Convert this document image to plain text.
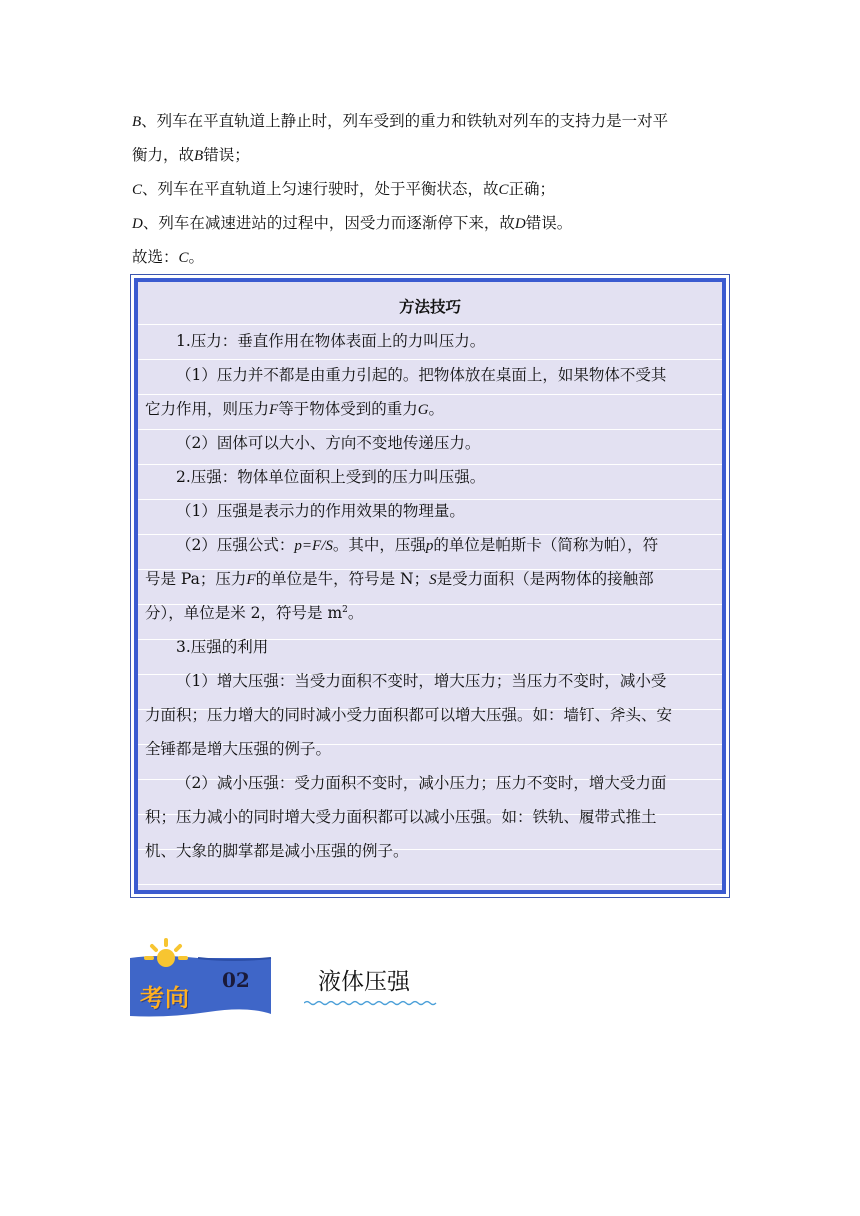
B、列车在平直轨道上静止时，列车受到的重力和铁轨对列车的支持力是一对平
衡力，故B错误；
C、列车在平直轨道上匀速行驶时，处于平衡状态，故C正确；
D、列车在减速进站的过程中，因受力而逐渐停下来，故D错误。
故选：C。
方法技巧
1.压力：垂直作用在物体表面上的力叫压力。
（1）压力并不都是由重力引起的。把物体放在桌面上，如果物体不受其
它力作用，则压力F等于物体受到的重力G。
（2）固体可以大小、方向不变地传递压力。
2.压强：物体单位面积上受到的压力叫压强。
（1）压强是表示力的作用效果的物理量。
（2）压强公式：p=F/S。其中，压强p的单位是帕斯卡（简称为帕），符
号是 Pa；压力F的单位是牛，符号是 N；S是受力面积（是两物体的接触部
分），单位是米 2，符号是 $m^2$。
3.压强的利用
（1）增大压强：当受力面积不变时，增大压力；当压力不变时，减小受
力面积；压力增大的同时减小受力面积都可以增大压强。如：墙钉、斧头、安
全锤都是增大压强的例子。
（2）减小压强：受力面积不变时，减小压力；压力不变时，增大受力面
积；压力减小的同时增大受力面积都可以减小压强。如：铁轨、履带式推土
机、大象的脚掌都是减小压强的例子。
考向
02	液体压强
